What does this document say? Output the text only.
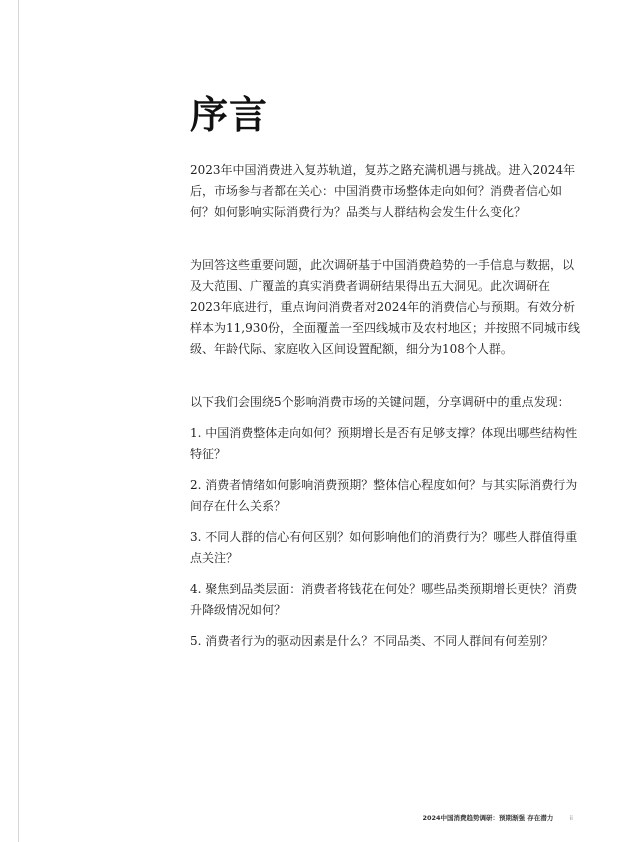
序言

2023年中国消费进入复苏轨道，复苏之路充满机遇与挑战。进入2024年后，市场参与者都在关心：中国消费市场整体走向如何？消费者信心如何？如何影响实际消费行为？品类与人群结构会发生什么变化？

为回答这些重要问题，此次调研基于中国消费趋势的一手信息与数据，以及大范围、广覆盖的真实消费者调研结果得出五大洞见。此次调研在2023年底进行，重点询问消费者对2024年的消费信心与预期。有效分析样本为11,930份，全面覆盖一至四线城市及农村地区；并按照不同城市线级、年龄代际、家庭收入区间设置配额，细分为108个人群。

以下我们会围绕5个影响消费市场的关键问题，分享调研中的重点发现：

1. 中国消费整体走向如何？预期增长是否有足够支撑？体现出哪些结构性特征？
2. 消费者情绪如何影响消费预期？整体信心程度如何？与其实际消费行为间存在什么关系？
3. 不同人群的信心有何区别？如何影响他们的消费行为？哪些人群值得重点关注？
4. 聚焦到品类层面：消费者将钱花在何处？哪些品类预期增长更快？消费升降级情况如何？
5. 消费者行为的驱动因素是什么？不同品类、不同人群间有何差别？
2024中国消费趋势调研：预期渐强 存在潜力 ii
